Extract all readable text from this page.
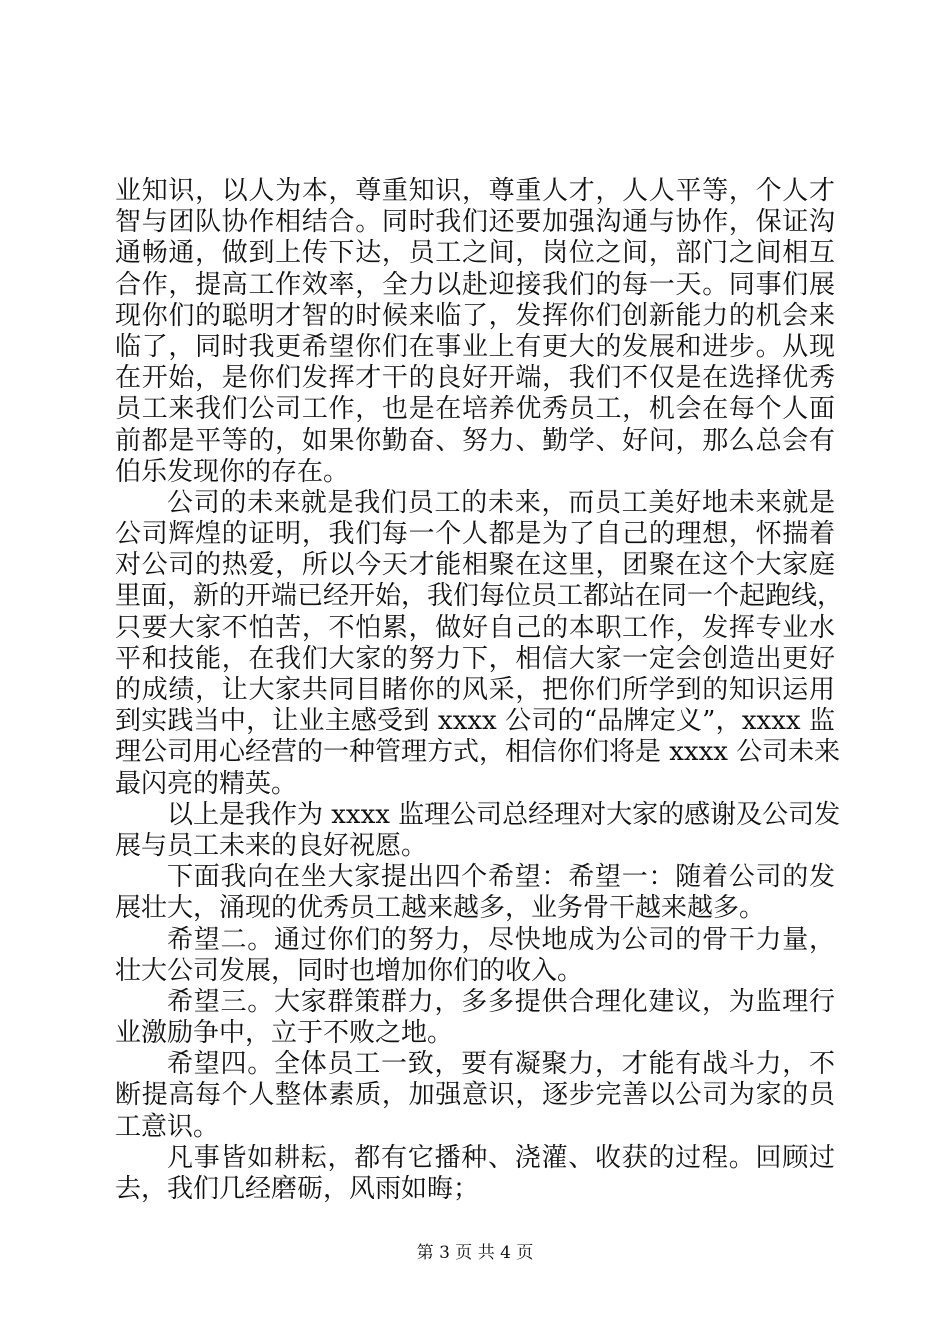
业知识，以人为本，尊重知识，尊重人才，人人平等，个人才
智与团队协作相结合。同时我们还要加强沟通与协作，保证沟
通畅通，做到上传下达，员工之间，岗位之间，部门之间相互
合作，提高工作效率，全力以赴迎接我们的每一天。同事们展
现你们的聪明才智的时候来临了，发挥你们创新能力的机会来
临了，同时我更希望你们在事业上有更大的发展和进步。从现
在开始，是你们发挥才干的良好开端，我们不仅是在选择优秀
员工来我们公司工作，也是在培养优秀员工，机会在每个人面
前都是平等的，如果你勤奋、努力、勤学、好问，那么总会有
伯乐发现你的存在。
公司的未来就是我们员工的未来，而员工美好地未来就是
公司辉煌的证明，我们每一个人都是为了自己的理想，怀揣着
对公司的热爱，所以今天才能相聚在这里，团聚在这个大家庭
里面，新的开端已经开始，我们每位员工都站在同一个起跑线，
只要大家不怕苦，不怕累，做好自己的本职工作，发挥专业水
平和技能，在我们大家的努力下，相信大家一定会创造出更好
的成绩，让大家共同目睹你的风采，把你们所学到的知识运用
到实践当中，让业主感受到 xxxx 公司的“品牌定义”，xxxx 监
理公司用心经营的一种管理方式，相信你们将是 xxxx 公司未来
最闪亮的精英。
以上是我作为 xxxx 监理公司总经理对大家的感谢及公司发
展与员工未来的良好祝愿。
下面我向在坐大家提出四个希望：希望一：随着公司的发
展壮大，涌现的优秀员工越来越多，业务骨干越来越多。
希望二。通过你们的努力，尽快地成为公司的骨干力量，
壮大公司发展，同时也增加你们的收入。
希望三。大家群策群力，多多提供合理化建议，为监理行
业激励争中，立于不败之地。
希望四。全体员工一致，要有凝聚力，才能有战斗力，不
断提高每个人整体素质，加强意识，逐步完善以公司为家的员
工意识。
凡事皆如耕耘，都有它播种、浇灌、收获的过程。回顾过
去，我们几经磨砺，风雨如晦；
第 3 页 共 4 页
